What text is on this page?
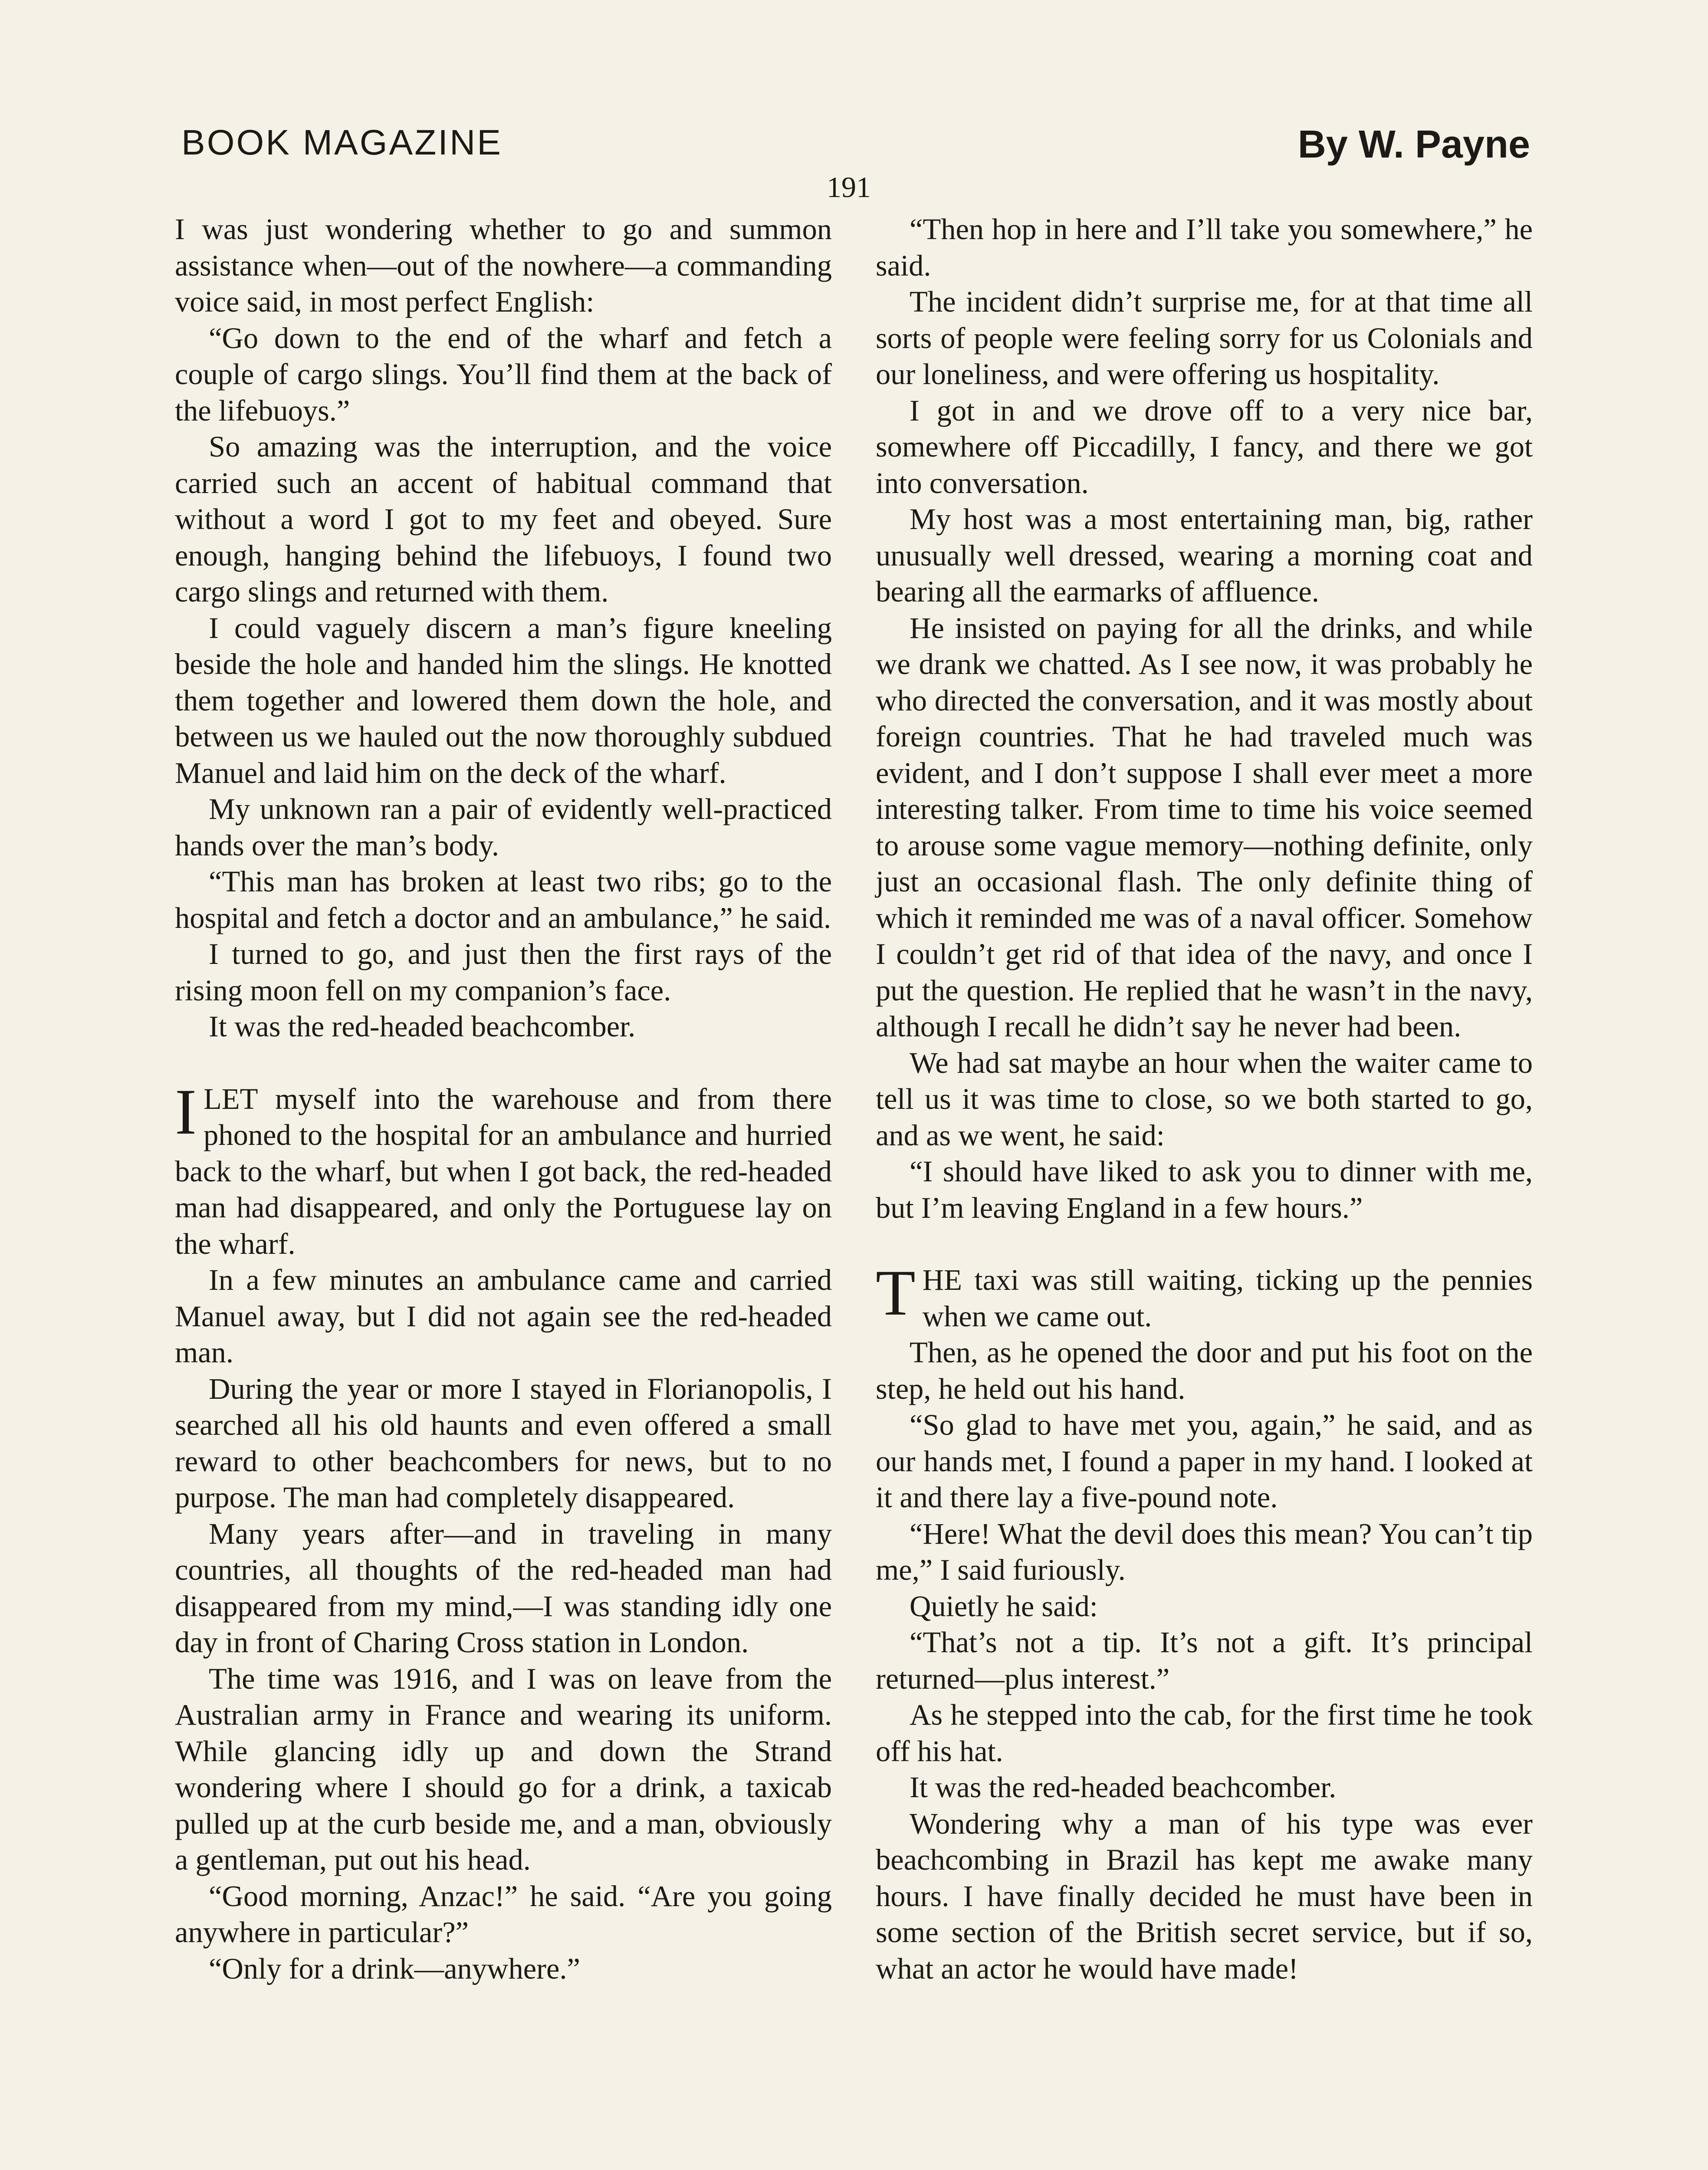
BOOK MAGAZINE	By W. Payne
191

I was just wondering whether to go and summon assistance when—out of the nowhere—a commanding voice said, in most perfect English:

“Go down to the end of the wharf and fetch a couple of cargo slings. You’ll find them at the back of the lifebuoys.”

So amazing was the interruption, and the voice carried such an accent of habitual command that without a word I got to my feet and obeyed. Sure enough, hanging behind the lifebuoys, I found two cargo slings and returned with them.

I could vaguely discern a man’s figure kneeling beside the hole and handed him the slings. He knotted them together and lowered them down the hole, and between us we hauled out the now thoroughly subdued Manuel and laid him on the deck of the wharf.

My unknown ran a pair of evidently well-practiced hands over the man’s body.

“This man has broken at least two ribs; go to the hospital and fetch a doctor and an ambulance,” he said.

I turned to go, and just then the first rays of the rising moon fell on my companion’s face.

It was the red-headed beachcomber.

ILET myself into the warehouse and from there phoned to the hospital for an ambulance and hurried back to the wharf, but when I got back, the red-headed man had disappeared, and only the Portuguese lay on the wharf.

In a few minutes an ambulance came and carried Manuel away, but I did not again see the red-headed man.

During the year or more I stayed in Florianopolis, I searched all his old haunts and even offered a small reward to other beachcombers for news, but to no purpose. The man had completely disappeared.

Many years after—and in traveling in many countries, all thoughts of the red-headed man had disappeared from my mind,—I was standing idly one day in front of Charing Cross station in London.

The time was 1916, and I was on leave from the Australian army in France and wearing its uniform. While glancing idly up and down the Strand wondering where I should go for a drink, a taxicab pulled up at the curb beside me, and a man, obviously a gentleman, put out his head.

“Good morning, Anzac!” he said. “Are you going anywhere in particular?”

“Only for a drink—anywhere.”

“Then hop in here and I’ll take you somewhere,” he said.

The incident didn’t surprise me, for at that time all sorts of people were feeling sorry for us Colonials and our loneliness, and were offering us hospitality.

I got in and we drove off to a very nice bar, somewhere off Piccadilly, I fancy, and there we got into conversation.

My host was a most entertaining man, big, rather unusually well dressed, wearing a morning coat and bearing all the earmarks of affluence.

He insisted on paying for all the drinks, and while we drank we chatted. As I see now, it was probably he who directed the conversation, and it was mostly about foreign countries. That he had traveled much was evident, and I don’t suppose I shall ever meet a more interesting talker. From time to time his voice seemed to arouse some vague memory—nothing definite, only just an occasional flash. The only definite thing of which it reminded me was of a naval officer. Somehow I couldn’t get rid of that idea of the navy, and once I put the question. He replied that he wasn’t in the navy, although I recall he didn’t say he never had been.

We had sat maybe an hour when the waiter came to tell us it was time to close, so we both started to go, and as we went, he said:

“I should have liked to ask you to dinner with me, but I’m leaving England in a few hours.”

THE taxi was still waiting, ticking up the pennies when we came out.

Then, as he opened the door and put his foot on the step, he held out his hand.

“So glad to have met you, again,” he said, and as our hands met, I found a paper in my hand. I looked at it and there lay a five-pound note.

“Here! What the devil does this mean? You can’t tip me,” I said furiously.

Quietly he said:

“That’s not a tip. It’s not a gift. It’s principal returned—plus interest.”

As he stepped into the cab, for the first time he took off his hat.

It was the red-headed beachcomber.

Wondering why a man of his type was ever beachcombing in Brazil has kept me awake many hours. I have finally decided he must have been in some section of the British secret service, but if so, what an actor he would have made!
